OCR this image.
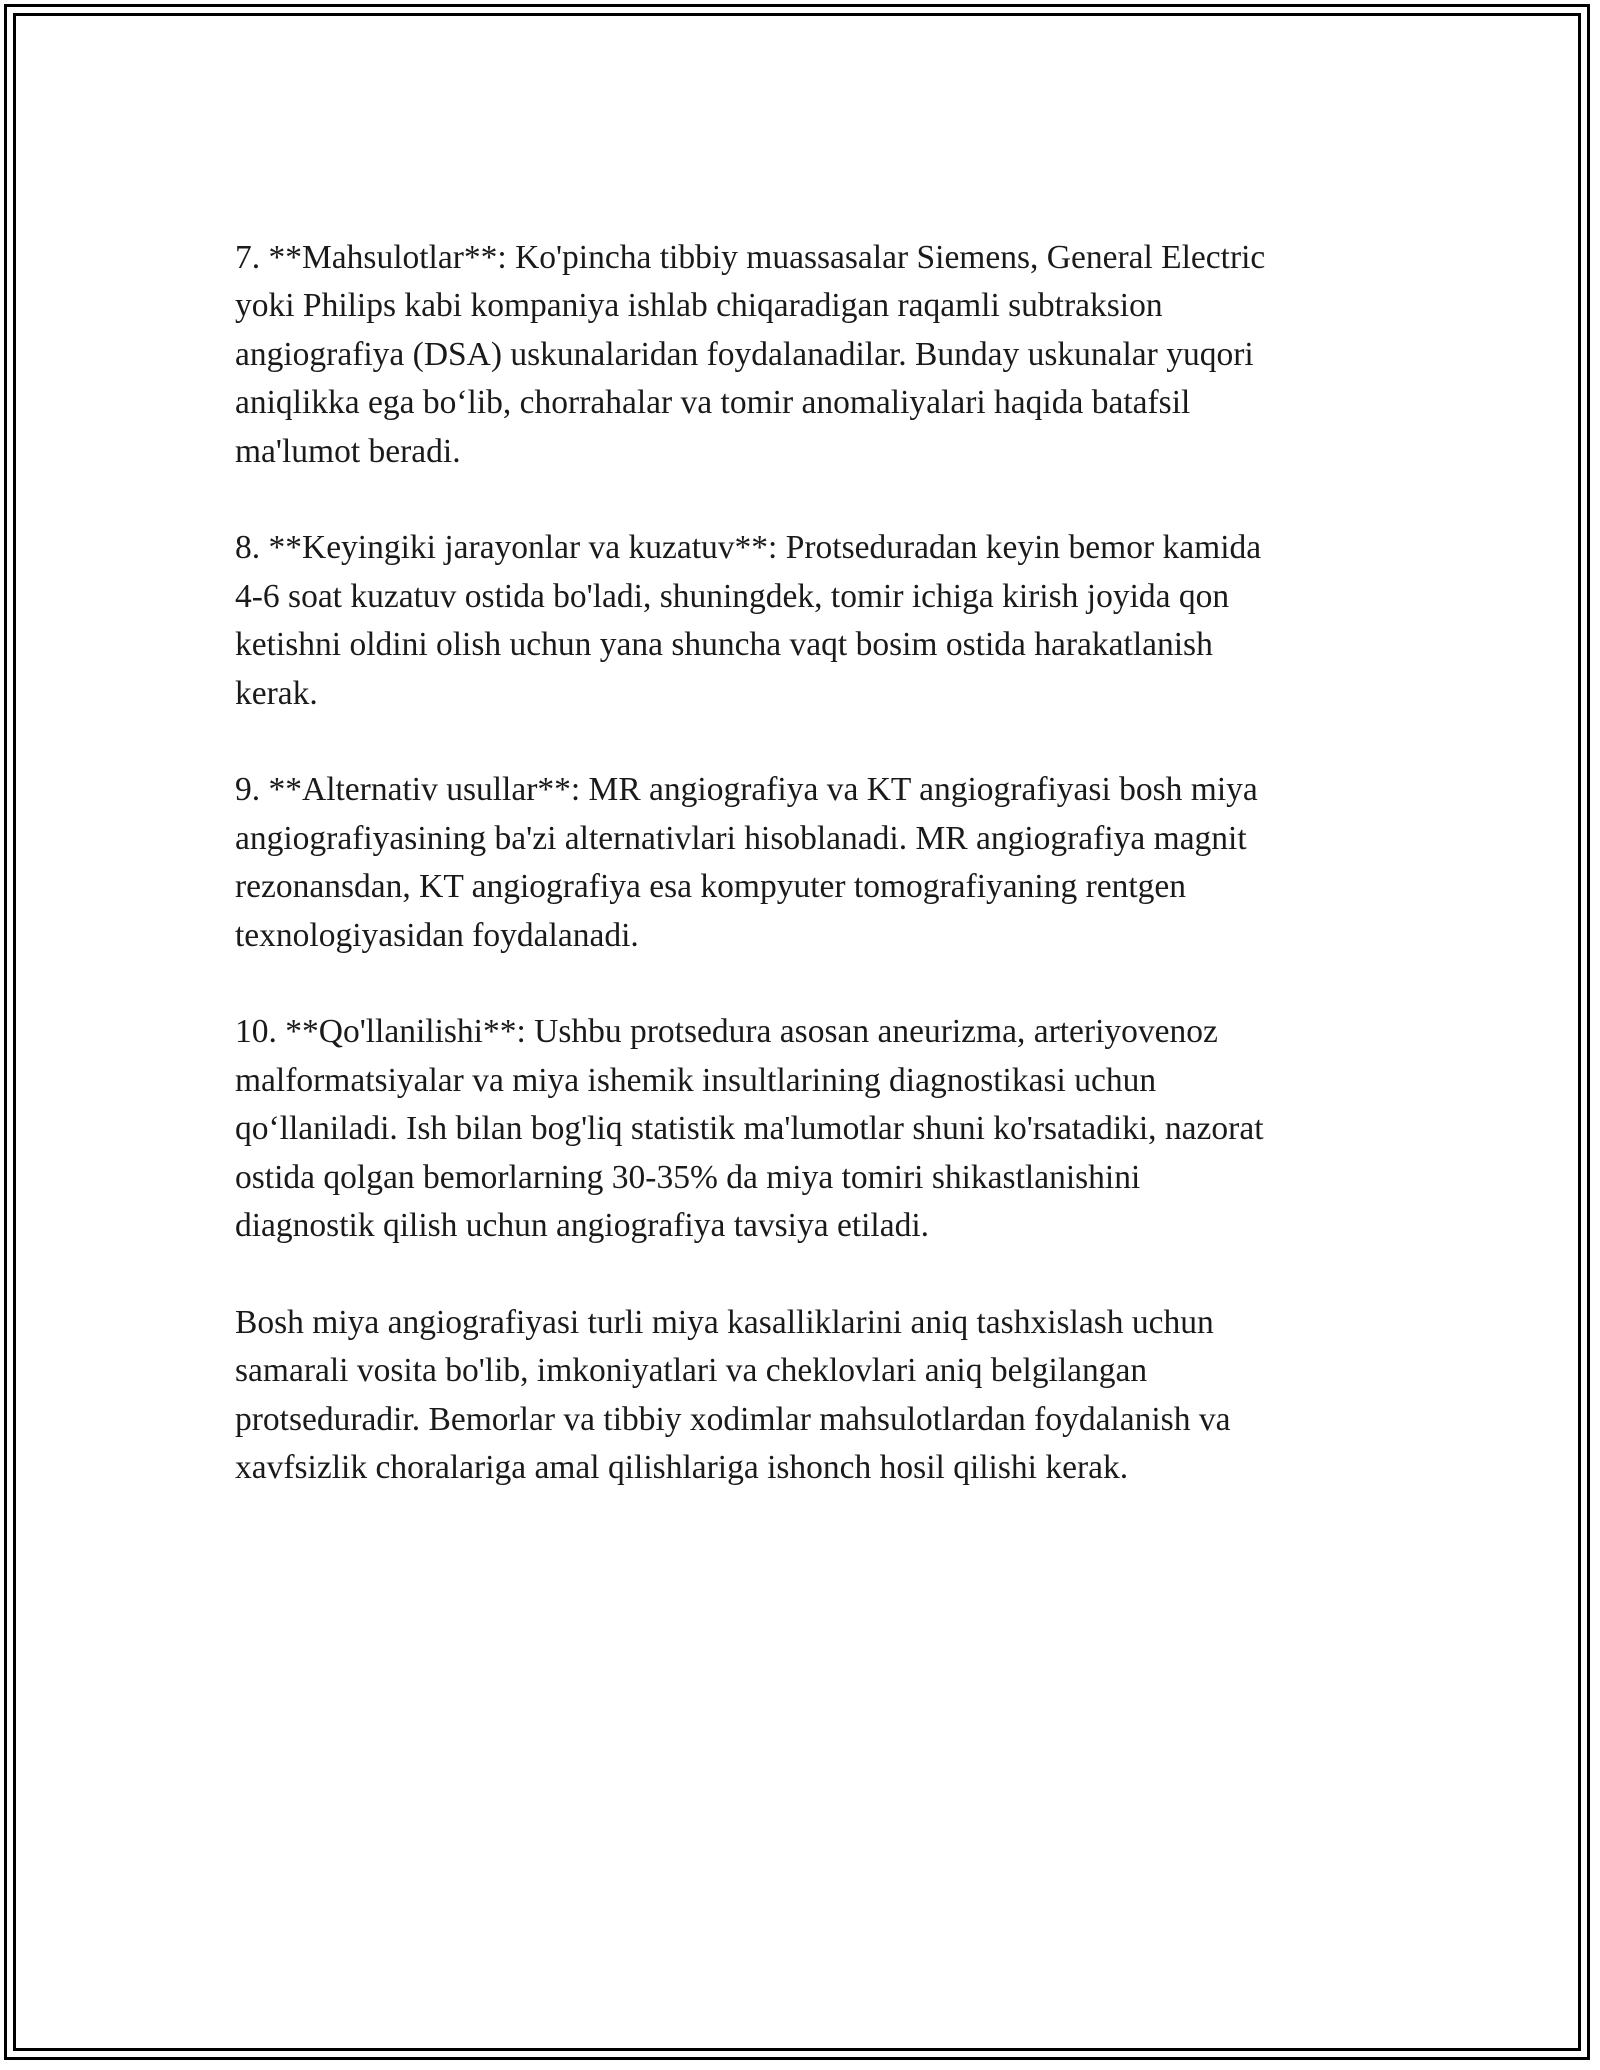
7. **Mahsulotlar**: Ko'pincha tibbiy muassasalar Siemens, General Electric
yoki Philips kabi kompaniya ishlab chiqaradigan raqamli subtraksion
angiografiya (DSA) uskunalaridan foydalanadilar. Bunday uskunalar yuqori
aniqlikka ega bo‘lib, chorrahalar va tomir anomaliyalari haqida batafsil
ma'lumot beradi.

8. **Keyingiki jarayonlar va kuzatuv**: Protseduradan keyin bemor kamida
4-6 soat kuzatuv ostida bo'ladi, shuningdek, tomir ichiga kirish joyida qon
ketishni oldini olish uchun yana shuncha vaqt bosim ostida harakatlanish
kerak.

9. **Alternativ usullar**: MR angiografiya va KT angiografiyasi bosh miya
angiografiyasining ba'zi alternativlari hisoblanadi. MR angiografiya magnit
rezonansdan, KT angiografiya esa kompyuter tomografiyaning rentgen
texnologiyasidan foydalanadi.

10. **Qo'llanilishi**: Ushbu protsedura asosan aneurizma, arteriyovenoz
malformatsiyalar va miya ishemik insultlarining diagnostikasi uchun
qo‘llaniladi. Ish bilan bog'liq statistik ma'lumotlar shuni ko'rsatadiki, nazorat
ostida qolgan bemorlarning 30-35% da miya tomiri shikastlanishini
diagnostik qilish uchun angiografiya tavsiya etiladi.

Bosh miya angiografiyasi turli miya kasalliklarini aniq tashxislash uchun
samarali vosita bo'lib, imkoniyatlari va cheklovlari aniq belgilangan
protseduradir. Bemorlar va tibbiy xodimlar mahsulotlardan foydalanish va
xavfsizlik choralariga amal qilishlariga ishonch hosil qilishi kerak.
